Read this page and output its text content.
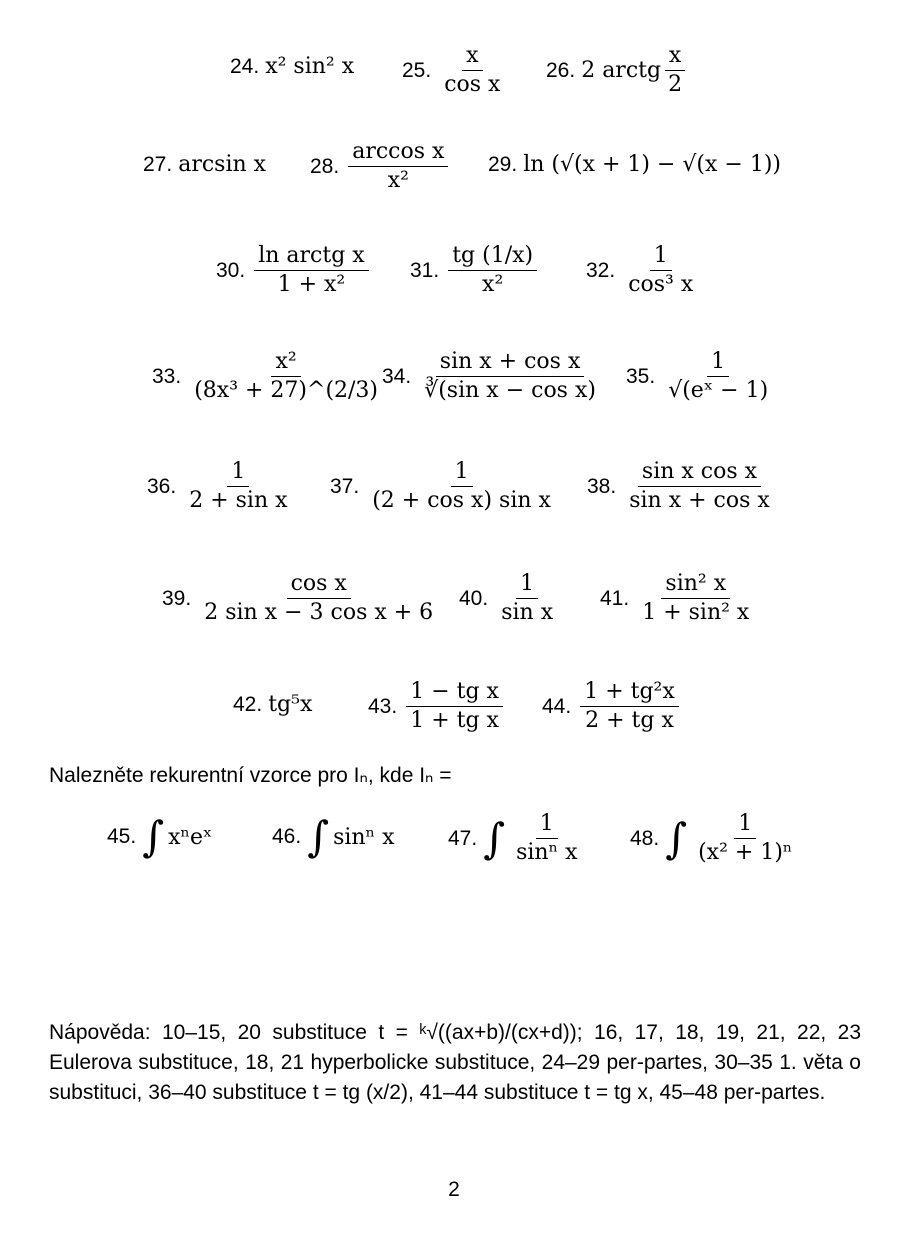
24. x² sin² x 25. $\frac{x}{\text{cos x}} 26$. 2 arctg $\frac{x}{2}$
27. arcsin x 28. $\frac{\text{arccos x}}{\text{x²}} 29$. ln (√(x + 1) − √(x − 1))
30. $\frac{\text{ln arctg x}}{\text{1 + x²}} 31$. $\frac{tg (1/x)}{\text{x²}} 32$. $\frac{1}{\text{cos³ x}}$
33. $\frac{\text{x²}}{\text{(8x³ + 27)\textasciicircum{}(2/3)}} 34$. $\frac{\text{sin x + cos x}}{\text{∛(sin x − cos x)}} 35$. $\frac{1}{\text{√(eˣ − 1)}}$
36. $\frac{1}{\text{2 + sin x}} 37$. $\frac{1}{\text{(2 + cos x) sin x}} 38$. $\frac{\text{sin x cos x}}{\text{sin x + cos x}}$
39. $\frac{\text{cos x}}{\text{2 sin x − 3 cos x + 6}} 40$. $\frac{1}{\text{sin x}} 41$. $\frac{\text{sin² x}}{\text{1 + sin² x}}$
42. tg⁵x	43. $\frac{\text{1 − tg x}}{\text{1 + tg x}} 44$. $\frac{\text{1 + tg²x}}{\text{2 + tg x}}$
Nalezněte rekurentní vzorce pro Iₙ, kde Iₙ =
45. ∫ xⁿeˣ	46. ∫ sinⁿ x	47. ∫ $\frac{1}{\text{sinⁿ x}} 48$. ∫ $\frac{1}{\text{(x² + 1)ⁿ}}$
Nápověda: 10–15, 20 substituce t = ᵏ√((ax+b)/(cx+d)); 16, 17, 18, 19, 21, 22, 23 Eulerova substituce, 18, 21 hyperbolicke substituce, 24–29 per-partes, 30–35 1. věta o substituci, 36–40 substituce t = tg (x/2), 41–44 substituce t = tg x, 45–48 per-partes.
2
